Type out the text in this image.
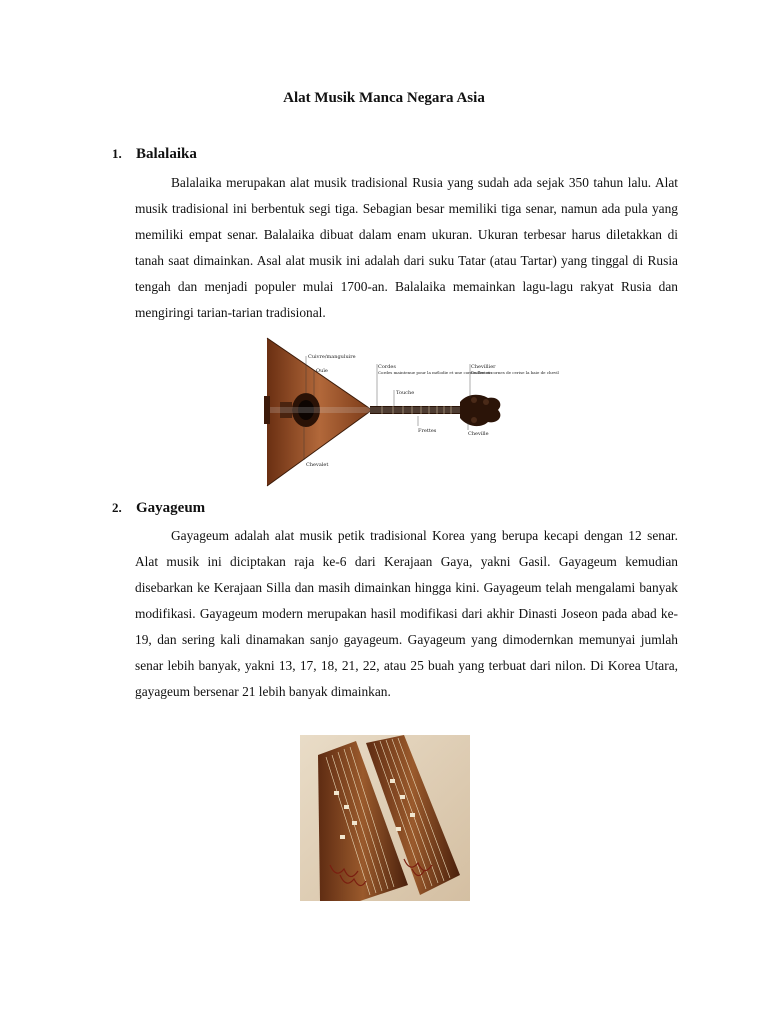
Alat Musik Manca Negara Asia
1. Balalaika

Balalaika merupakan alat musik tradisional Rusia yang sudah ada sejak 350 tahun lalu. Alat musik tradisional ini berbentuk segi tiga. Sebagian besar memiliki tiga senar, namun ada pula yang memiliki empat senar. Balalaika dibuat dalam enam ukuran. Ukuran terbesar harus diletakkan di tanah saat dimainkan. Asal alat musik ini adalah dari suku Tatar (atau Tartar) yang tinggal di Rusia tengah dan menjadi populer mulai 1700-an. Balalaika memainkan lagu-lagu rakyat Rusia dan mengiringi tarian-tarian tradisional.

Cuivre/manguluire
Ouïe
Cordes
Cordes maintenue pour la mélodie et une cordes ferions
Chevillier
Cuiller et cornes de cerise la baie de chevil
Touche
Frettes	Cheville
Chevalet
2. Gayageum

Gayageum adalah alat musik petik tradisional Korea yang berupa kecapi dengan 12 senar. Alat musik ini diciptakan raja ke-6 dari Kerajaan Gaya, yakni Gasil. Gayageum kemudian disebarkan ke Kerajaan Silla dan masih dimainkan hingga kini. Gayageum telah mengalami banyak modifikasi. Gayageum modern merupakan hasil modifikasi dari akhir Dinasti Joseon pada abad ke-19, dan sering kali dinamakan sanjo gayageum. Gayageum yang dimodernkan memunyai jumlah senar lebih banyak, yakni 13, 17, 18, 21, 22, atau 25 buah yang terbuat dari nilon. Di Korea Utara, gayageum bersenar 21 lebih banyak dimainkan.
